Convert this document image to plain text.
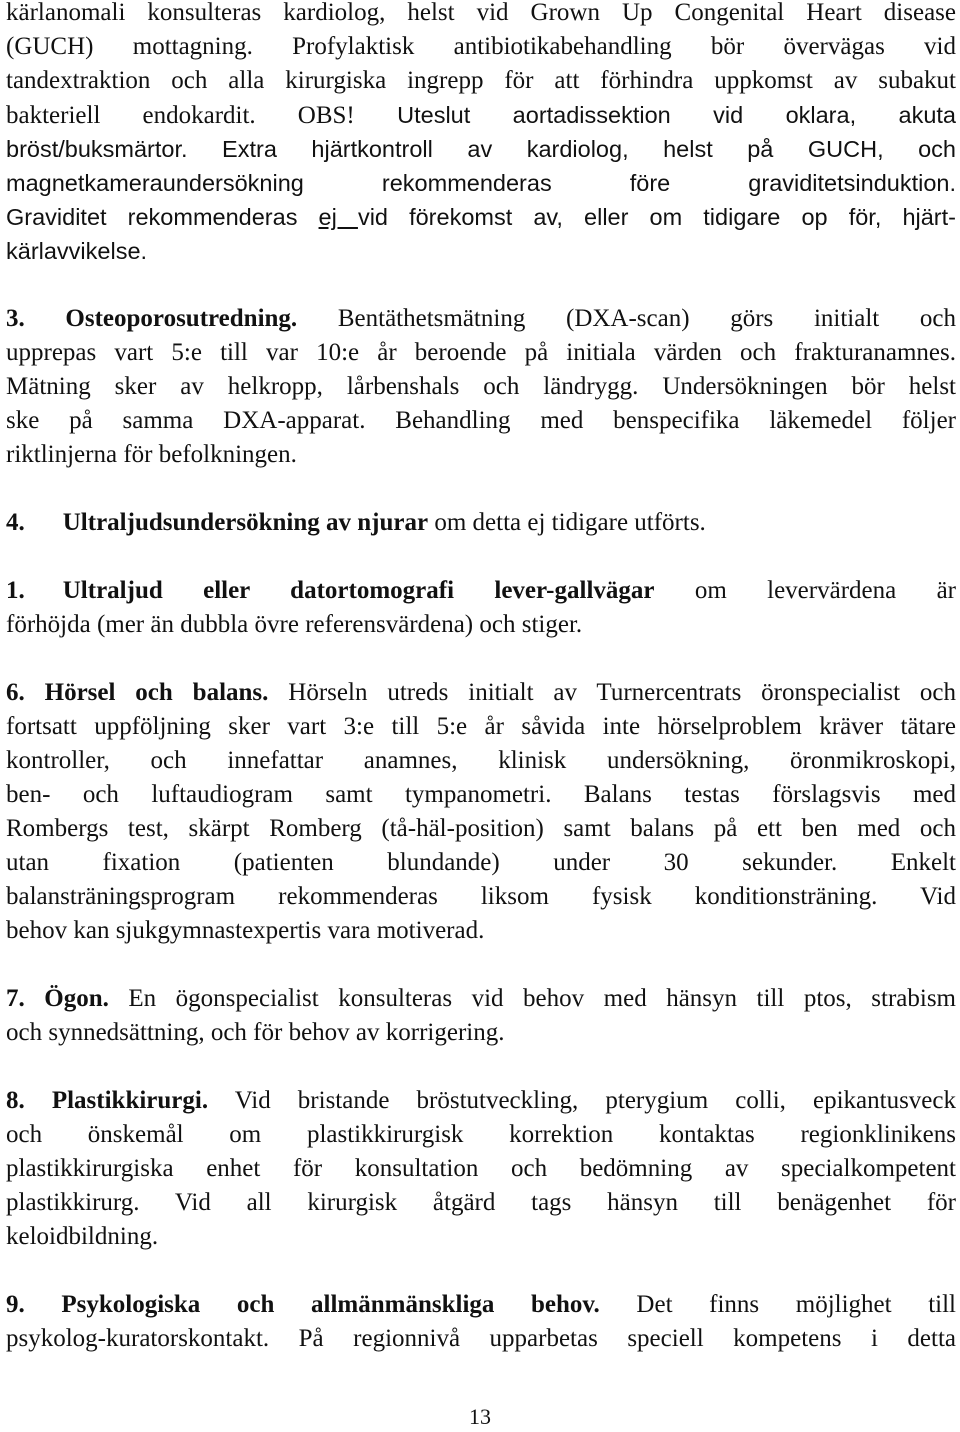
kärlanomali konsulteras kardiolog, helst vid Grown Up Congenital Heart disease
(GUCH) mottagning. Profylaktisk antibiotikabehandling bör övervägas vid
tandextraktion och alla kirurgiska ingrepp för att förhindra uppkomst av subakut
bakteriell endokardit. OBS! Uteslut aortadissektion vid oklara, akuta
bröst/buksmärtor. Extra hjärtkontroll av kardiolog, helst på GUCH, och
magnetkameraundersökning rekommenderas före graviditetsinduktion.
Graviditet rekommenderas ej vid förekomst av, eller om tidigare op för, hjärt-
kärlavvikelse.
3. Osteoporosutredning. Bentäthetsmätning (DXA-scan) görs initialt och
upprepas vart 5:e till var 10:e år beroende på initiala värden och frakturanamnes.
Mätning sker av helkropp, lårbenshals och ländrygg. Undersökningen bör helst
ske på samma DXA-apparat. Behandling med benspecifika läkemedel följer
riktlinjerna för befolkningen.
4. Ultraljudsundersökning av njurar om detta ej tidigare utförts.
1. Ultraljud eller datortomografi lever-gallvägar om levervärdena är
förhöjda (mer än dubbla övre referensvärdena) och stiger.
6. Hörsel och balans. Hörseln utreds initialt av Turnercentrats öronspecialist och
fortsatt uppföljning sker vart 3:e till 5:e år såvida inte hörselproblem kräver tätare
kontroller, och innefattar anamnes, klinisk undersökning, öronmikroskopi,
ben- och luftaudiogram samt tympanometri. Balans testas förslagsvis med
Rombergs test, skärpt Romberg (tå-häl-position) samt balans på ett ben med och
utan fixation (patienten blundande) under 30 sekunder. Enkelt
balansträningsprogram rekommenderas liksom fysisk konditionsträning. Vid
behov kan sjukgymnastexpertis vara motiverad.
7. Ögon. En ögonspecialist konsulteras vid behov med hänsyn till ptos, strabism
och synnedsättning, och för behov av korrigering.
8. Plastikkirurgi. Vid bristande bröstutveckling, pterygium colli, epikantusveck
och önskemål om plastikkirurgisk korrektion kontaktas regionklinikens
plastikkirurgiska enhet för konsultation och bedömning av specialkompetent
plastikkirurg. Vid all kirurgisk åtgärd tags hänsyn till benägenhet för
keloidbildning.
9. Psykologiska och allmänmänskliga behov. Det finns möjlighet till
psykolog-kuratorskontakt. På regionnivå upparbetas speciell kompetens i detta
13
